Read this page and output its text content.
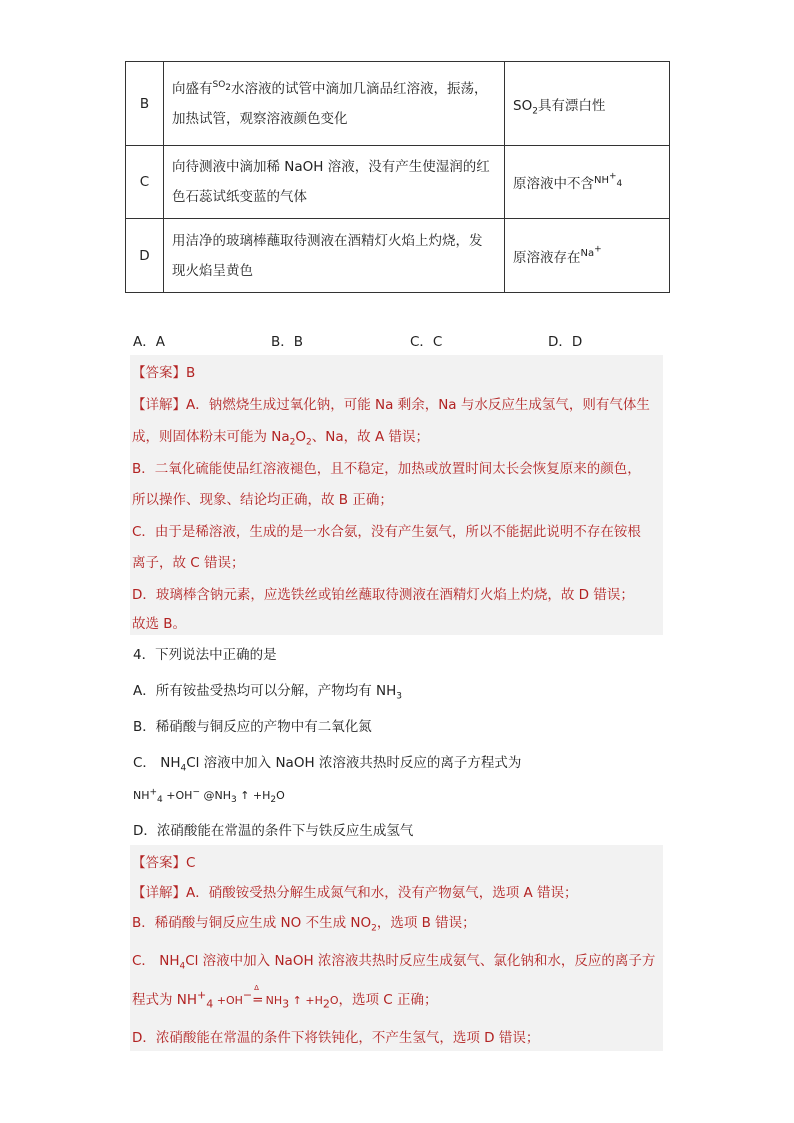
B	向盛有$^{SO_2}$水溶液的试管中滴加几滴品红溶液，振荡，
加热试管，观察溶液颜色变化	$SO_2$具有漂白性
C	向待测液中滴加稀 NaOH 溶液，没有产生使湿润的红
色石蕊试纸变蓝的气体	原溶液中不含$^{NH^+_4}$
D	用洁净的玻璃棒蘸取待测液在酒精灯火焰上灼烧，发
现火焰呈黄色	原溶液存在$^{Na^+}$
A．A	B．B	C．C	D．D
【答案】B
【详解】A．钠燃烧生成过氧化钠，可能 Na 剩余，Na 与水反应生成氢气，则有气体生
成，则固体粉末可能为 $Na_2O_2$、Na，故 A 错误；
B．二氧化硫能使品红溶液褪色，且不稳定，加热或放置时间太长会恢复原来的颜色，
所以操作、现象、结论均正确，故 B 正确；
C．由于是稀溶液，生成的是一水合氨，没有产生氨气，所以不能据此说明不存在铵根
离子，故 C 错误；
D．玻璃棒含钠元素，应选铁丝或铂丝蘸取待测液在酒精灯火焰上灼烧，故 D 错误；
故选 B。
4．下列说法中正确的是
A．所有铵盐受热均可以分解，产物均有 $NH_3$
B．稀硝酸与铜反应的产物中有二氧化氮
C． $NH_4Cl$ 溶液中加入 NaOH 浓溶液共热时反应的离子方程式为
$NH^+_4 +OH^-$ $@NH_3$ ↑ $+H_2O$
D．浓硝酸能在常温的条件下与铁反应生成氢气
【答案】C
【详解】A．硝酸铵受热分解生成氮气和水，没有产物氨气，选项 A 错误；
B．稀硝酸与铜反应生成 NO 不生成 $NO_2$，选项 B 错误；
C． $NH_4Cl$ 溶液中加入 NaOH 浓溶液共热时反应生成氨气、氯化钠和水，反应的离子方
程式为 $NH^+_4 +OH^-$
Δ
= $NH_3$ ↑ $+H_2O$，选项 C 正确；
D．浓硝酸能在常温的条件下将铁钝化，不产生氢气，选项 D 错误；
